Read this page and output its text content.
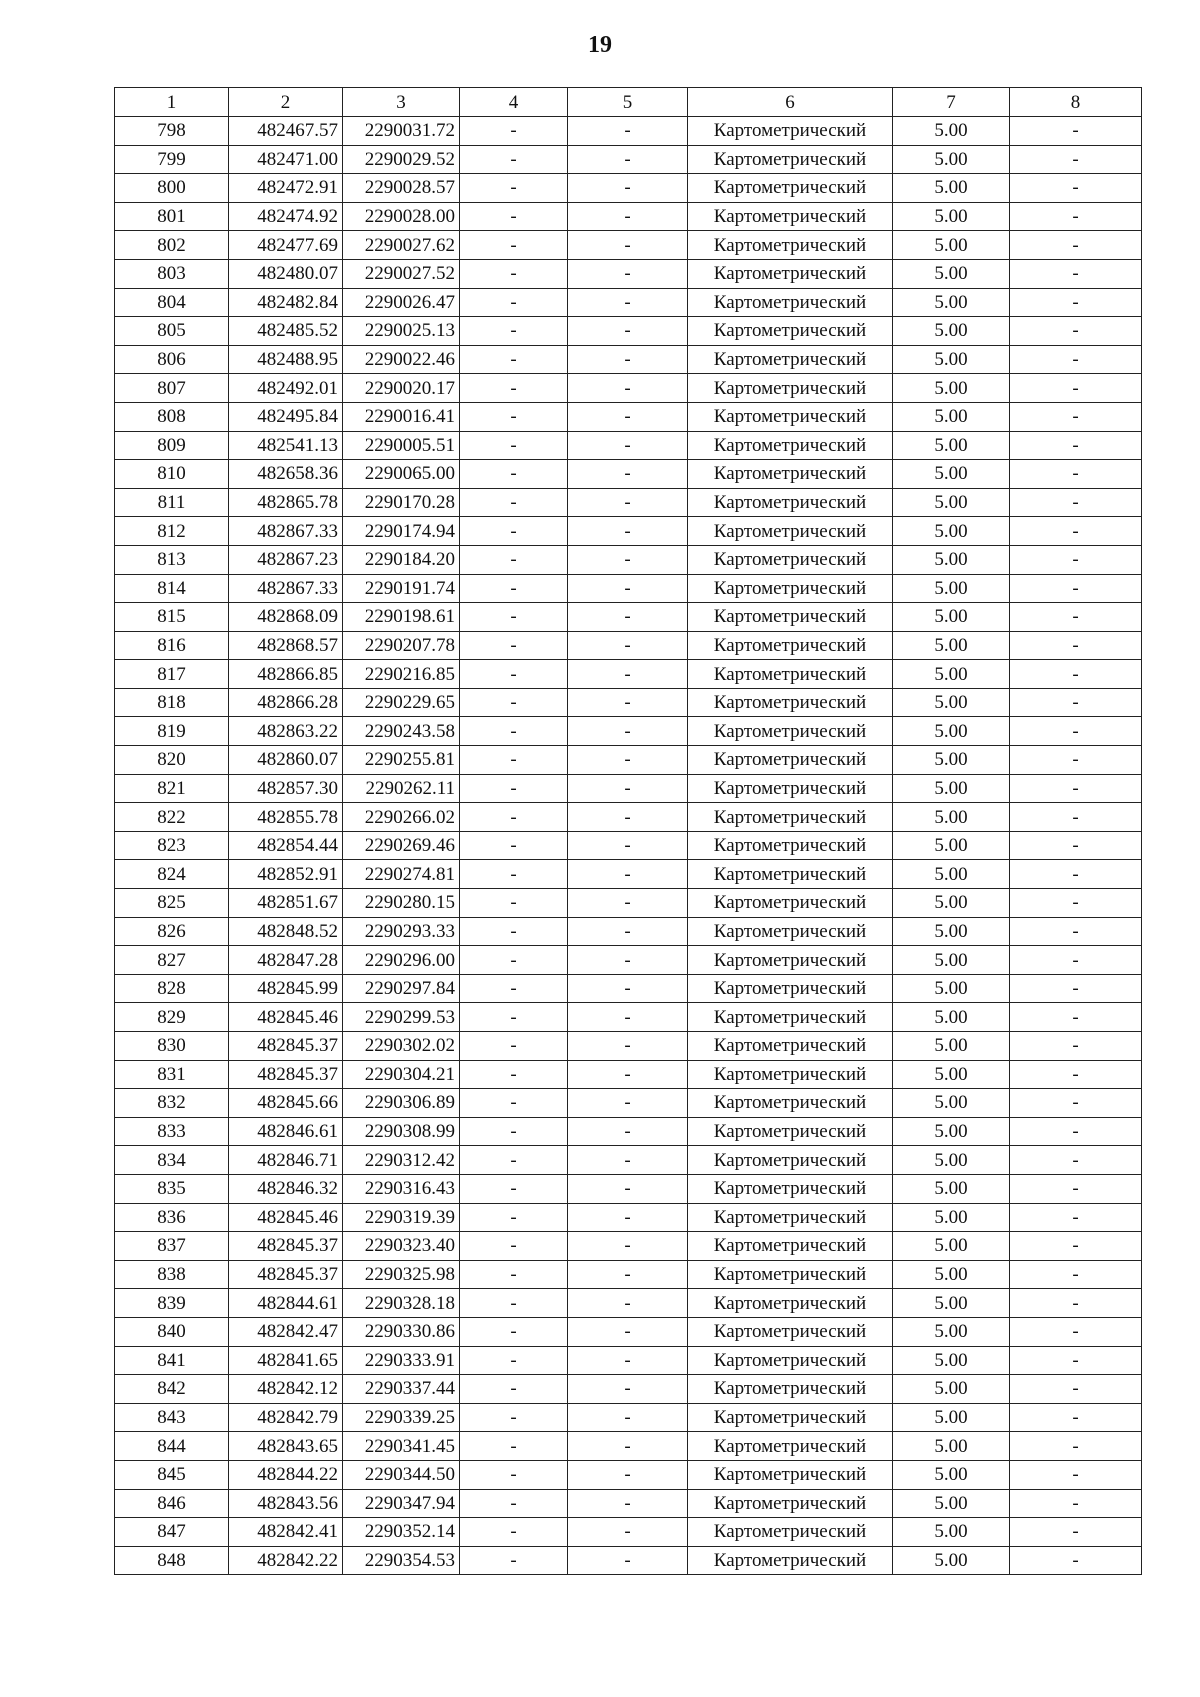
19
1	2	3	4	5	6	7	8
798	482467.57	2290031.72	-	-	Картометрический	5.00	-
799	482471.00	2290029.52	-	-	Картометрический	5.00	-
800	482472.91	2290028.57	-	-	Картометрический	5.00	-
801	482474.92	2290028.00	-	-	Картометрический	5.00	-
802	482477.69	2290027.62	-	-	Картометрический	5.00	-
803	482480.07	2290027.52	-	-	Картометрический	5.00	-
804	482482.84	2290026.47	-	-	Картометрический	5.00	-
805	482485.52	2290025.13	-	-	Картометрический	5.00	-
806	482488.95	2290022.46	-	-	Картометрический	5.00	-
807	482492.01	2290020.17	-	-	Картометрический	5.00	-
808	482495.84	2290016.41	-	-	Картометрический	5.00	-
809	482541.13	2290005.51	-	-	Картометрический	5.00	-
810	482658.36	2290065.00	-	-	Картометрический	5.00	-
811	482865.78	2290170.28	-	-	Картометрический	5.00	-
812	482867.33	2290174.94	-	-	Картометрический	5.00	-
813	482867.23	2290184.20	-	-	Картометрический	5.00	-
814	482867.33	2290191.74	-	-	Картометрический	5.00	-
815	482868.09	2290198.61	-	-	Картометрический	5.00	-
816	482868.57	2290207.78	-	-	Картометрический	5.00	-
817	482866.85	2290216.85	-	-	Картометрический	5.00	-
818	482866.28	2290229.65	-	-	Картометрический	5.00	-
819	482863.22	2290243.58	-	-	Картометрический	5.00	-
820	482860.07	2290255.81	-	-	Картометрический	5.00	-
821	482857.30	2290262.11	-	-	Картометрический	5.00	-
822	482855.78	2290266.02	-	-	Картометрический	5.00	-
823	482854.44	2290269.46	-	-	Картометрический	5.00	-
824	482852.91	2290274.81	-	-	Картометрический	5.00	-
825	482851.67	2290280.15	-	-	Картометрический	5.00	-
826	482848.52	2290293.33	-	-	Картометрический	5.00	-
827	482847.28	2290296.00	-	-	Картометрический	5.00	-
828	482845.99	2290297.84	-	-	Картометрический	5.00	-
829	482845.46	2290299.53	-	-	Картометрический	5.00	-
830	482845.37	2290302.02	-	-	Картометрический	5.00	-
831	482845.37	2290304.21	-	-	Картометрический	5.00	-
832	482845.66	2290306.89	-	-	Картометрический	5.00	-
833	482846.61	2290308.99	-	-	Картометрический	5.00	-
834	482846.71	2290312.42	-	-	Картометрический	5.00	-
835	482846.32	2290316.43	-	-	Картометрический	5.00	-
836	482845.46	2290319.39	-	-	Картометрический	5.00	-
837	482845.37	2290323.40	-	-	Картометрический	5.00	-
838	482845.37	2290325.98	-	-	Картометрический	5.00	-
839	482844.61	2290328.18	-	-	Картометрический	5.00	-
840	482842.47	2290330.86	-	-	Картометрический	5.00	-
841	482841.65	2290333.91	-	-	Картометрический	5.00	-
842	482842.12	2290337.44	-	-	Картометрический	5.00	-
843	482842.79	2290339.25	-	-	Картометрический	5.00	-
844	482843.65	2290341.45	-	-	Картометрический	5.00	-
845	482844.22	2290344.50	-	-	Картометрический	5.00	-
846	482843.56	2290347.94	-	-	Картометрический	5.00	-
847	482842.41	2290352.14	-	-	Картометрический	5.00	-
848	482842.22	2290354.53	-	-	Картометрический	5.00	-
